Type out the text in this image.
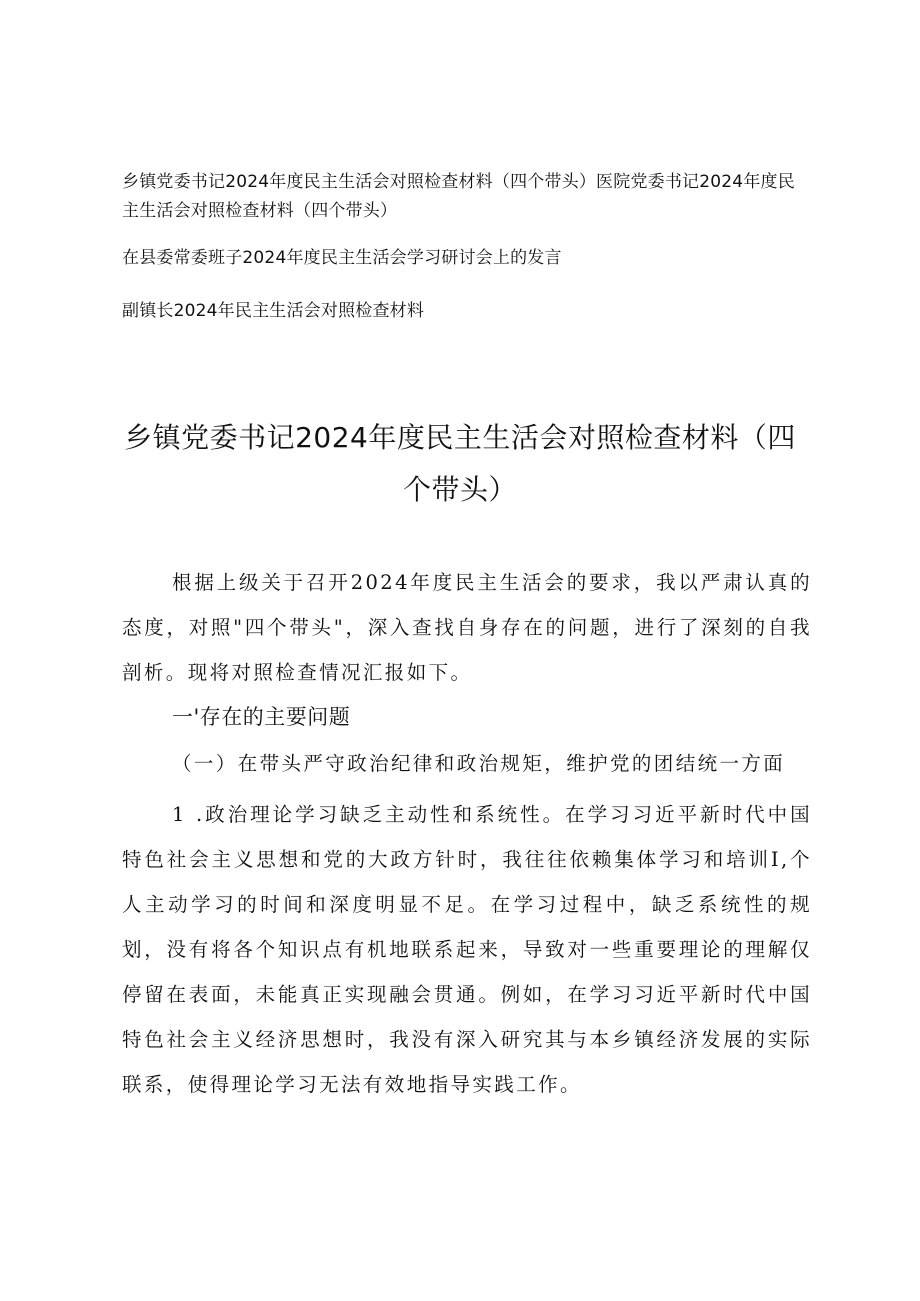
乡镇党委书记2024年度民主生活会对照检查材料（四个带头）医院党委书记2024年度民主生活会对照检查材料（四个带头）

在县委常委班子2024年度民主生活会学习研讨会上的发言

副镇长2024年民主生活会对照检查材料

乡镇党委书记2024年度民主生活会对照检查材料（四个带头）

根据上级关于召开2024年度民主生活会的要求，我以严肃认真的态度，对照"四个带头"，深入查找自身存在的问题，进行了深刻的自我剖析。现将对照检查情况汇报如下。

一'存在的主要问题

（一）在带头严守政治纪律和政治规矩，维护党的团结统一方面

1 .政治理论学习缺乏主动性和系统性。在学习习近平新时代中国特色社会主义思想和党的大政方针时，我往往依赖集体学习和培训I,个人主动学习的时间和深度明显不足。在学习过程中，缺乏系统性的规划，没有将各个知识点有机地联系起来，导致对一些重要理论的理解仅停留在表面，未能真正实现融会贯通。例如，在学习习近平新时代中国特色社会主义经济思想时，我没有深入研究其与本乡镇经济发展的实际联系，使得理论学习无法有效地指导实践工作。
